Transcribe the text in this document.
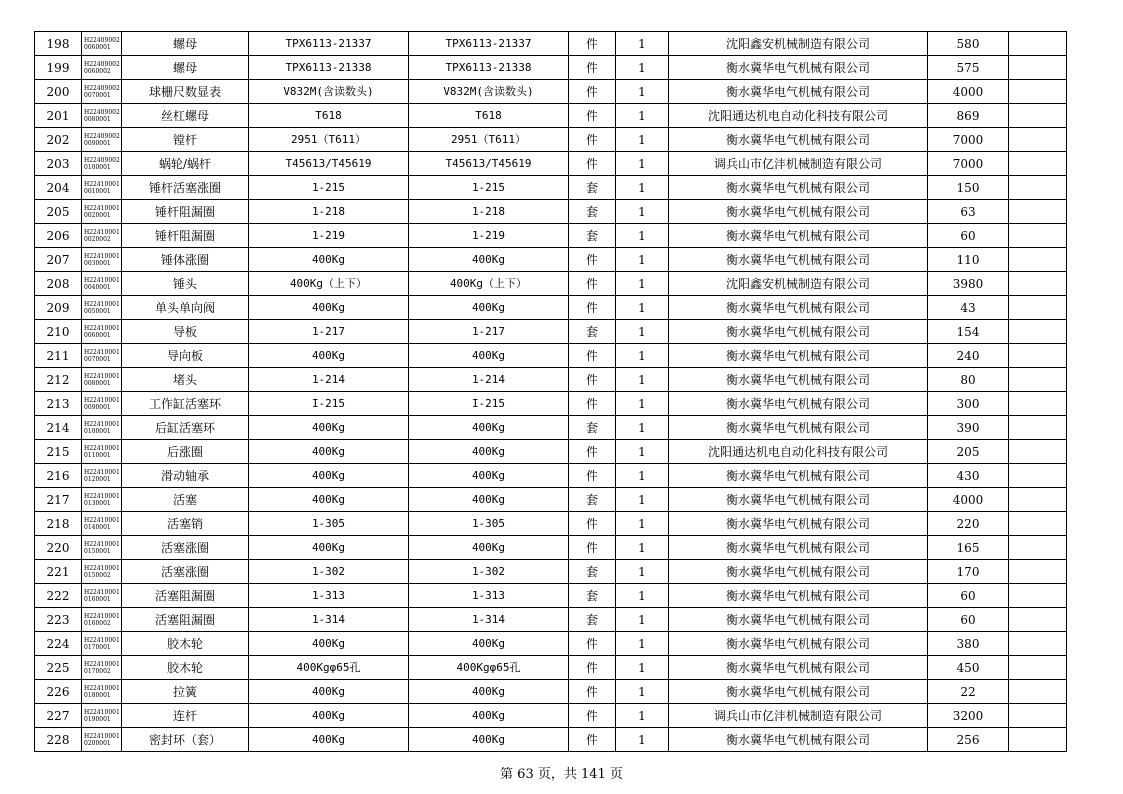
198	H224090020060001	螺母	TPX6113-21337	TPX6113-21337	件	1	沈阳鑫安机械制造有限公司	580	
199	H224090020060002	螺母	TPX6113-21338	TPX6113-21338	件	1	衡水冀华电气机械有限公司	575	
200	H224090020070001	球栅尺数显表	V832M(含读数头)	V832M(含读数头)	件	1	衡水冀华电气机械有限公司	4000	
201	H224090020080001	丝杠螺母	T618	T618	件	1	沈阳通达机电自动化科技有限公司	869	
202	H224090020090001	镗杆	2951（T611）	2951（T611）	件	1	衡水冀华电气机械有限公司	7000	
203	H224090020100001	蜗轮/蜗杆	T45613/T45619	T45613/T45619	件	1	调兵山市亿沣机械制造有限公司	7000	
204	H224100010010001	锤杆活塞涨圈	1-215	1-215	套	1	衡水冀华电气机械有限公司	150	
205	H224100010020001	锤杆阻漏圈	1-218	1-218	套	1	衡水冀华电气机械有限公司	63	
206	H224100010020002	锤杆阻漏圈	1-219	1-219	套	1	衡水冀华电气机械有限公司	60	
207	H224100010030001	锤体涨圈	400Kg	400Kg	件	1	衡水冀华电气机械有限公司	110	
208	H224100010040001	锤头	400Kg（上下）	400Kg（上下）	件	1	沈阳鑫安机械制造有限公司	3980	
209	H224100010050001	单头单向阀	400Kg	400Kg	件	1	衡水冀华电气机械有限公司	43	
210	H224100010060001	导板	1-217	1-217	套	1	衡水冀华电气机械有限公司	154	
211	H224100010070001	导向板	400Kg	400Kg	件	1	衡水冀华电气机械有限公司	240	
212	H224100010080001	堵头	1-214	1-214	件	1	衡水冀华电气机械有限公司	80	
213	H224100010090001	工作缸活塞环	I-215	I-215	件	1	衡水冀华电气机械有限公司	300	
214	H224100010100001	后缸活塞环	400Kg	400Kg	套	1	衡水冀华电气机械有限公司	390	
215	H224100010110001	后涨圈	400Kg	400Kg	件	1	沈阳通达机电自动化科技有限公司	205	
216	H224100010120001	滑动轴承	400Kg	400Kg	件	1	衡水冀华电气机械有限公司	430	
217	H224100010130001	活塞	400Kg	400Kg	套	1	衡水冀华电气机械有限公司	4000	
218	H224100010140001	活塞销	1-305	1-305	件	1	衡水冀华电气机械有限公司	220	
220	H224100010150001	活塞涨圈	400Kg	400Kg	件	1	衡水冀华电气机械有限公司	165	
221	H224100010150002	活塞涨圈	1-302	1-302	套	1	衡水冀华电气机械有限公司	170	
222	H224100010160001	活塞阻漏圈	1-313	1-313	套	1	衡水冀华电气机械有限公司	60	
223	H224100010160002	活塞阻漏圈	1-314	1-314	套	1	衡水冀华电气机械有限公司	60	
224	H224100010170001	胶木轮	400Kg	400Kg	件	1	衡水冀华电气机械有限公司	380	
225	H224100010170002	胶木轮	400Kgφ65孔	400Kgφ65孔	件	1	衡水冀华电气机械有限公司	450	
226	H224100010180001	拉簧	400Kg	400Kg	件	1	衡水冀华电气机械有限公司	22	
227	H224100010190001	连杆	400Kg	400Kg	件	1	调兵山市亿沣机械制造有限公司	3200	
228	H224100010200001	密封环（套）	400Kg	400Kg	件	1	衡水冀华电气机械有限公司	256	
第 63 页，共 141 页
